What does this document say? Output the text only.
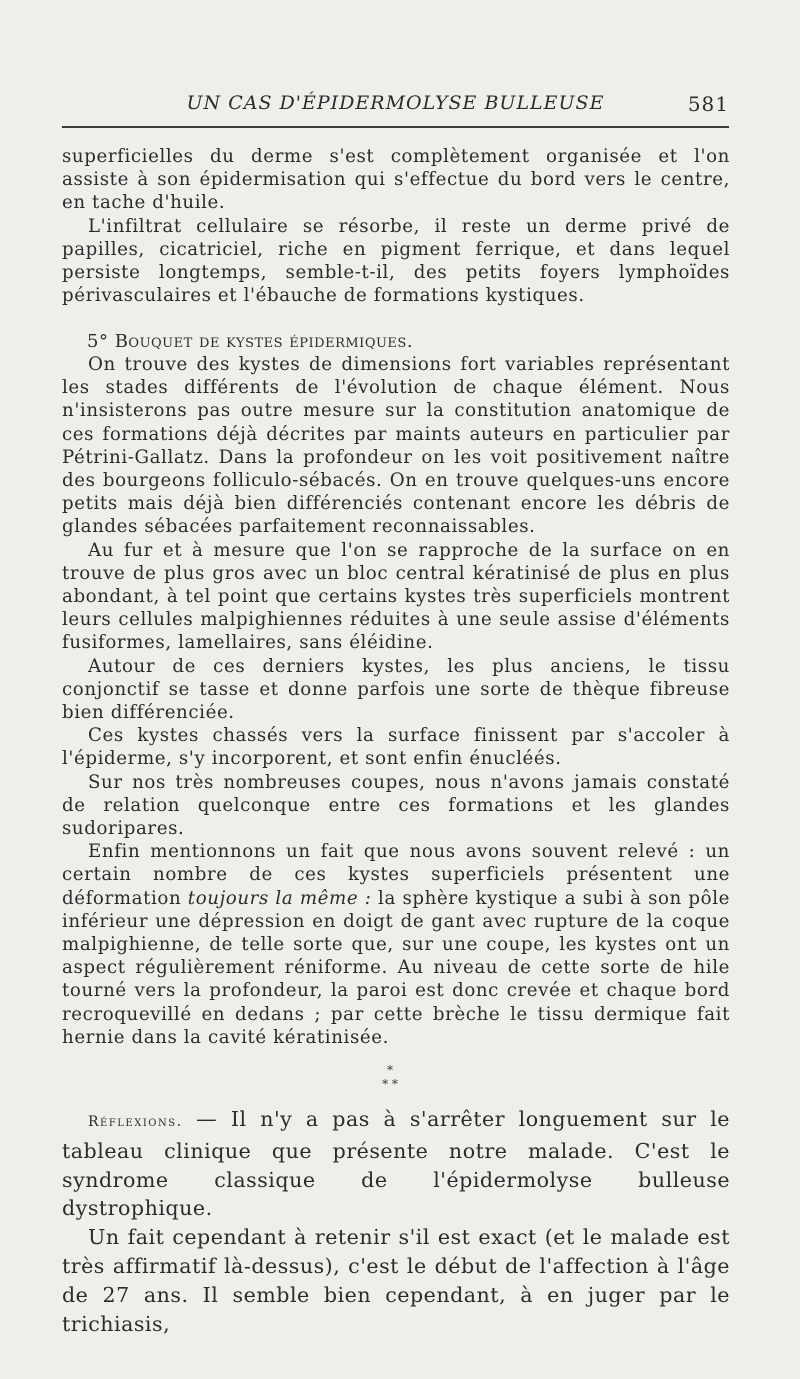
UN CAS D'ÉPIDERMOLYSE BULLEUSE	581

superficielles du derme s'est complètement organisée et l'on assiste à son épidermisation qui s'effectue du bord vers le centre, en tache d'huile.

L'infiltrat cellulaire se résorbe, il reste un derme privé de papilles, cicatriciel, riche en pigment ferrique, et dans lequel persiste longtemps, semble-t-il, des petits foyers lymphoïdes périvasculaires et l'ébauche de formations kystiques.

5° Bouquet de kystes épidermiques.

On trouve des kystes de dimensions fort variables représentant les stades différents de l'évolution de chaque élément. Nous n'insisterons pas outre mesure sur la constitution anatomique de ces formations déjà décrites par maints auteurs en particulier par Pétrini-Gallatz. Dans la profondeur on les voit positivement naître des bourgeons folliculo-sébacés. On en trouve quelques-uns encore petits mais déjà bien différenciés contenant encore les débris de glandes sébacées parfaitement reconnaissables.

Au fur et à mesure que l'on se rapproche de la surface on en trouve de plus gros avec un bloc central kératinisé de plus en plus abondant, à tel point que certains kystes très superficiels montrent leurs cellules malpighiennes réduites à une seule assise d'éléments fusiformes, lamellaires, sans éléidine.

Autour de ces derniers kystes, les plus anciens, le tissu conjonctif se tasse et donne parfois une sorte de thèque fibreuse bien différenciée.

Ces kystes chassés vers la surface finissent par s'accoler à l'épiderme, s'y incorporent, et sont enfin énucléés.

Sur nos très nombreuses coupes, nous n'avons jamais constaté de relation quelconque entre ces formations et les glandes sudoripares.

Enfin mentionnons un fait que nous avons souvent relevé : un certain nombre de ces kystes superficiels présentent une déformation toujours la même : la sphère kystique a subi à son pôle inférieur une dépression en doigt de gant avec rupture de la coque malpighienne, de telle sorte que, sur une coupe, les kystes ont un aspect régulièrement réniforme. Au niveau de cette sorte de hile tourné vers la profondeur, la paroi est donc crevée et chaque bord recroquevillé en dedans ; par cette brèche le tissu dermique fait hernie dans la cavité kératinisée.

*
* *

Réflexions. — Il n'y a pas à s'arrêter longuement sur le tableau clinique que présente notre malade. C'est le syndrome classique de l'épidermolyse bulleuse dystrophique.

Un fait cependant à retenir s'il est exact (et le malade est très affirmatif là-dessus), c'est le début de l'affection à l'âge de 27 ans. Il semble bien cependant, à en juger par le trichiasis,
